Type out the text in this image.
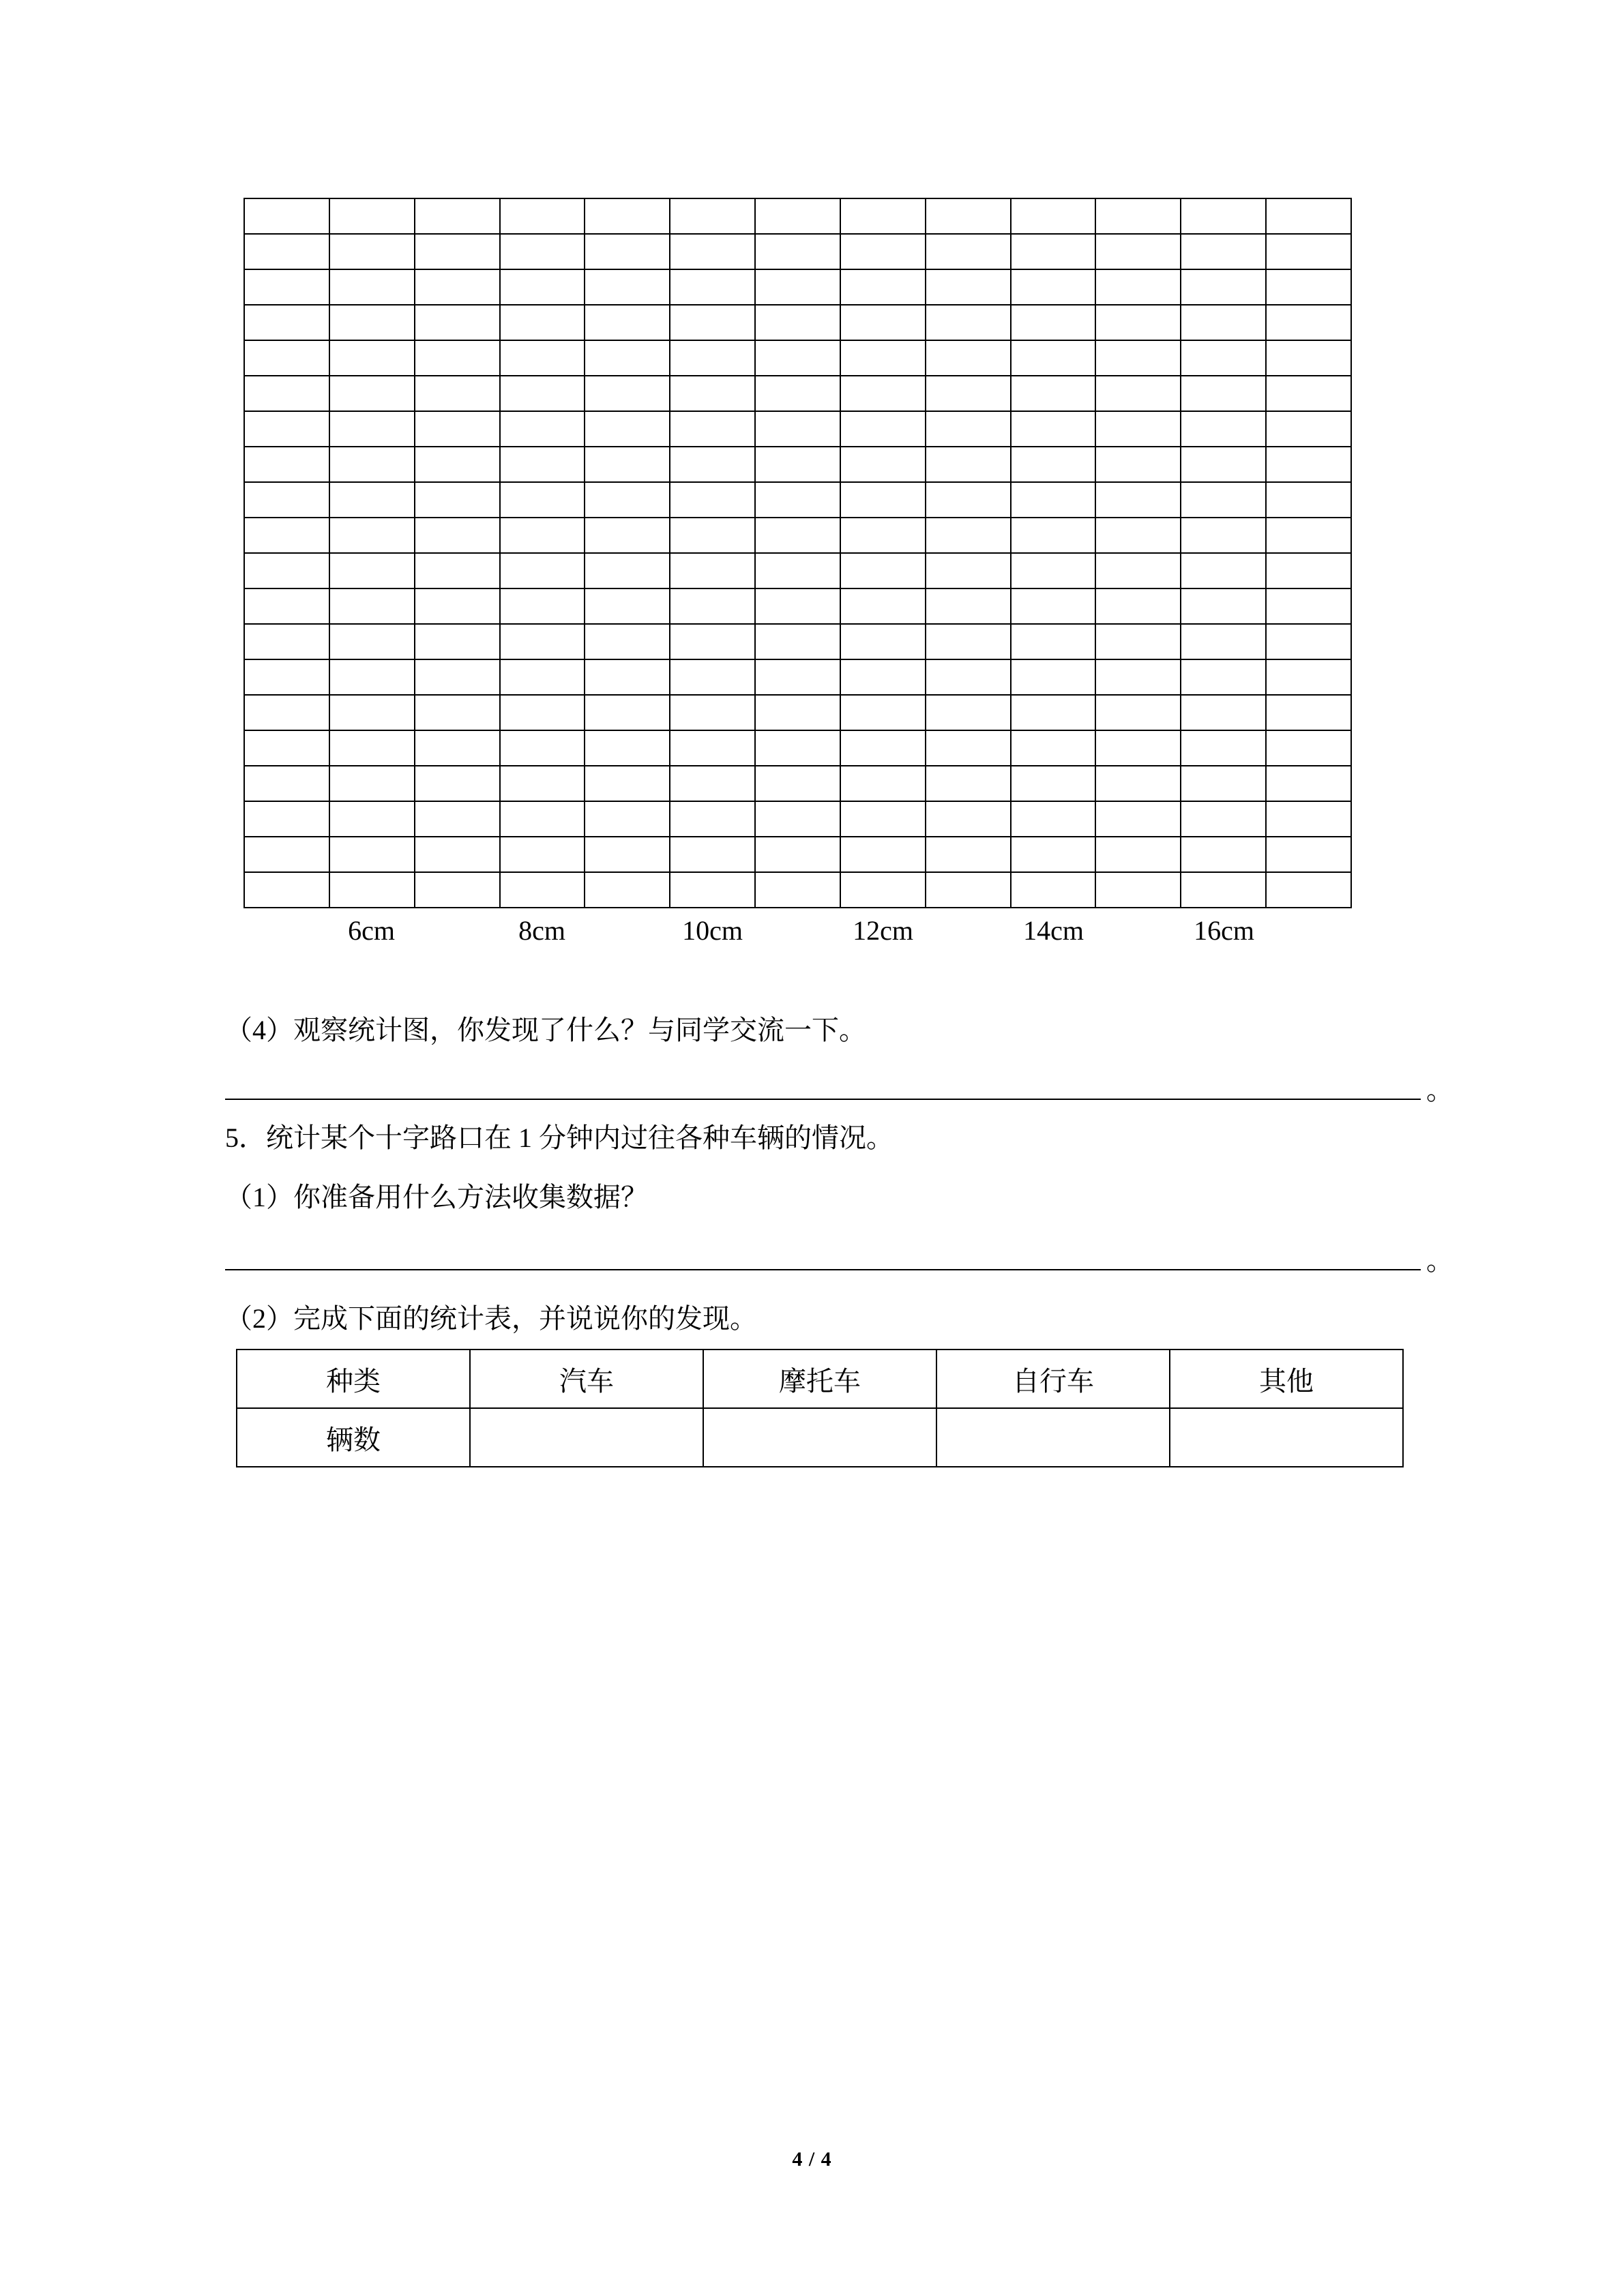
6cm	8cm	10cm	12cm	14cm	16cm
（4）观察统计图，你发现了什么？与同学交流一下。
。
5．统计某个十字路口在 1 分钟内过往各种车辆的情况。
（1）你准备用什么方法收集数据？
。
（2）完成下面的统计表，并说说你的发现。
种类	汽车	摩托车	自行车	其他
辆数				
4 / 4
